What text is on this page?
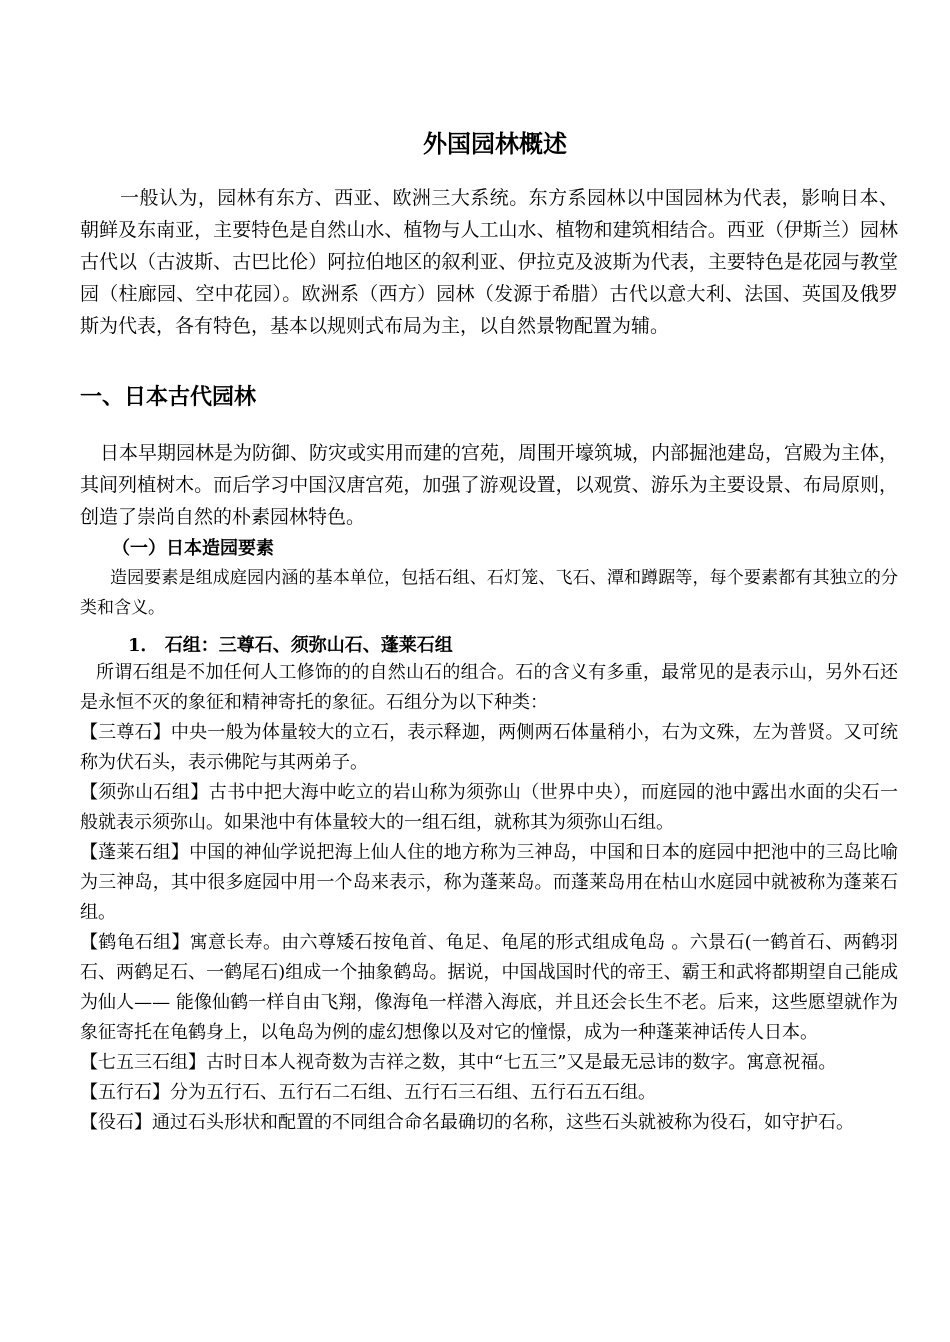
外国园林概述

一般认为，园林有东方、西亚、欧洲三大系统。东方系园林以中国园林为代表，影响日本、朝鲜及东南亚，主要特色是自然山水、植物与人工山水、植物和建筑相结合。西亚（伊斯兰）园林古代以（古波斯、古巴比伦）阿拉伯地区的叙利亚、伊拉克及波斯为代表，主要特色是花园与教堂园（柱廊园、空中花园）。欧洲系（西方）园林（发源于希腊）古代以意大利、法国、英国及俄罗斯为代表，各有特色，基本以规则式布局为主，以自然景物配置为辅。

一、日本古代园林

日本早期园林是为防御、防灾或实用而建的宫苑，周围开壕筑城，内部掘池建岛，宫殿为主体，其间列植树木。而后学习中国汉唐宫苑，加强了游观设置，以观赏、游乐为主要设景、布局原则，创造了崇尚自然的朴素园林特色。

（一）日本造园要素

造园要素是组成庭园内涵的基本单位，包括石组、石灯笼、飞石、潭和蹲踞等，每个要素都有其独立的分类和含义。

1． 石组：三尊石、须弥山石、蓬莱石组

所谓石组是不加任何人工修饰的的自然山石的组合。石的含义有多重，最常见的是表示山，另外石还是永恒不灭的象征和精神寄托的象征。石组分为以下种类：

【三尊石】中央一般为体量较大的立石，表示释迦，两侧两石体量稍小，右为文殊，左为普贤。又可统称为伏石头，表示佛陀与其两弟子。

【须弥山石组】古书中把大海中屹立的岩山称为须弥山（世界中央），而庭园的池中露出水面的尖石一般就表示须弥山。如果池中有体量较大的一组石组，就称其为须弥山石组。

【蓬莱石组】中国的神仙学说把海上仙人住的地方称为三神岛，中国和日本的庭园中把池中的三岛比喻为三神岛，其中很多庭园中用一个岛来表示，称为蓬莱岛。而蓬莱岛用在枯山水庭园中就被称为蓬莱石组。

【鹤龟石组】寓意长寿。由六尊矮石按龟首、龟足、龟尾的形式组成龟岛 。六景石(一鹤首石、两鹤羽石、两鹤足石、一鹤尾石)组成一个抽象鹤岛。据说，中国战国时代的帝王、霸王和武将都期望自己能成为仙人—— 能像仙鹤一样自由飞翔，像海龟一样潜入海底，并且还会长生不老。后来，这些愿望就作为象征寄托在龟鹤身上，以龟岛为例的虚幻想像以及对它的憧憬，成为一种蓬莱神话传人日本。

【七五三石组】古时日本人视奇数为吉祥之数，其中“七五三”又是最无忌讳的数字。寓意祝福。

【五行石】分为五行石、五行石二石组、五行石三石组、五行石五石组。

【役石】通过石头形状和配置的不同组合命名最确切的名称，这些石头就被称为役石，如守护石。
